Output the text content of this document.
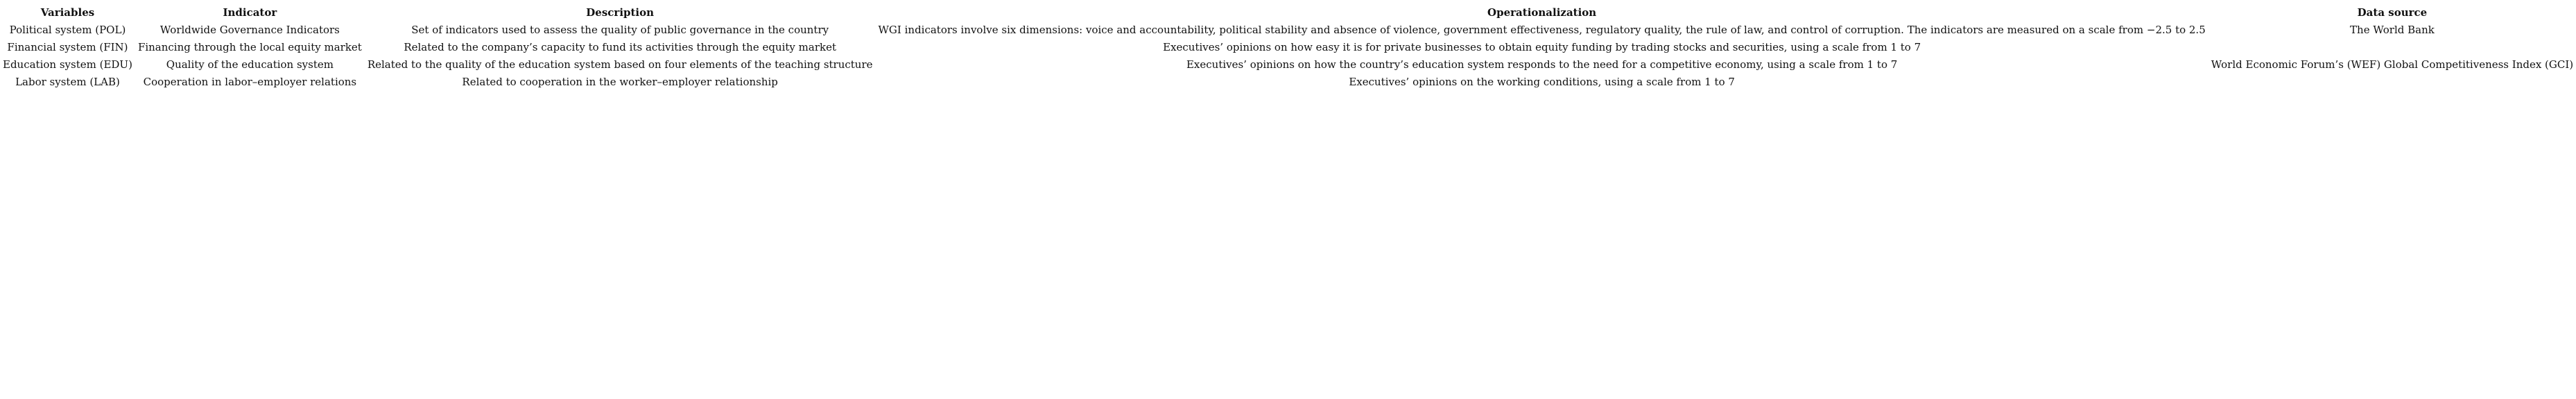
Variables	Indicator	Description	Operationalization	Data source
Political system (POL)	Worldwide Governance Indicators	Set of indicators used to assess the quality of public governance in the country	WGI indicators involve six dimensions: voice and accountability, political stability and absence of violence, government effectiveness, regulatory quality, the rule of law, and control of corruption. The indicators are measured on a scale from −2.5 to 2.5	The World Bank
Financial system (FIN)	Financing through the local equity market	Related to the company’s capacity to fund its activities through the equity market	Executives’ opinions on how easy it is for private businesses to obtain equity funding by trading stocks and securities, using a scale from 1 to 7	
Education system (EDU)	Quality of the education system	Related to the quality of the education system based on four elements of the teaching structure	Executives’ opinions on how the country’s education system responds to the need for a competitive economy, using a scale from 1 to 7	World Economic Forum’s (WEF) Global Competitiveness Index (GCI)
Labor system (LAB)	Cooperation in labor–employer relations	Related to cooperation in the worker–employer relationship	Executives’ opinions on the working conditions, using a scale from 1 to 7	
